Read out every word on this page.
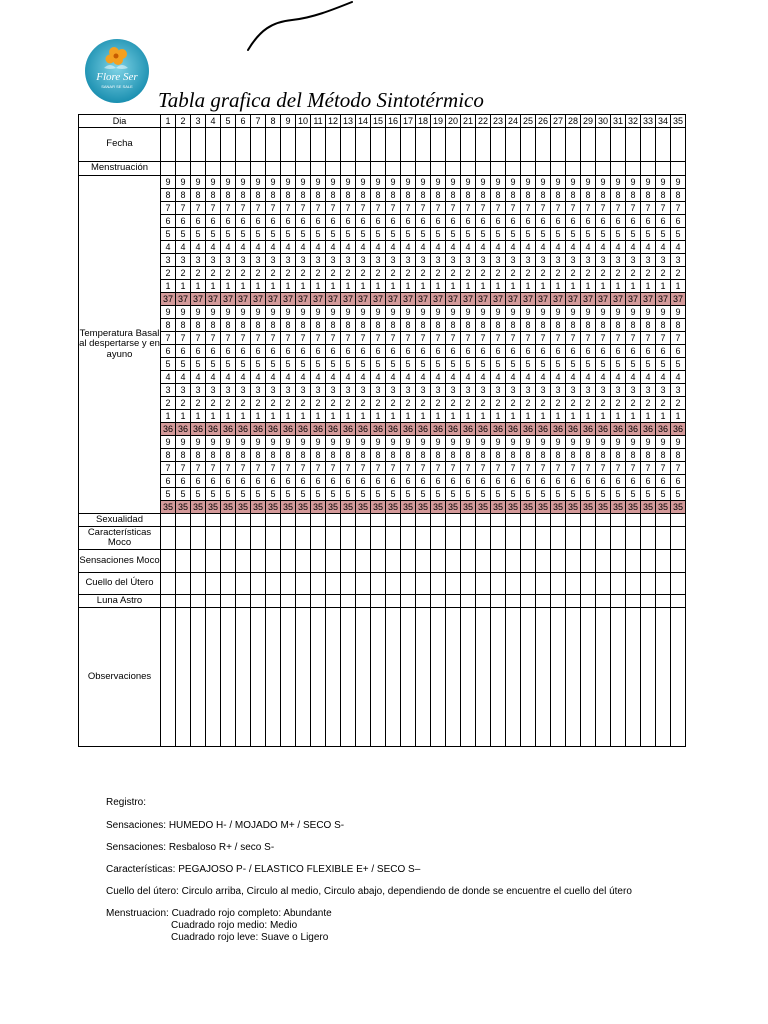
Flore Ser
SANAR SE SALE
Tabla grafica del Método Sintotérmico
Dia	1	2	3	4	5	6	7	8	9	10	11	12	13	14	15	16	17	18	19	20	21	22	23	24	25	26	27	28	29	30	31	32	33	34	35
Fecha																																			
Menstruación																																			
Temperatura Basal al despertarse y en ayuno	9	9	9	9	9	9	9	9	9	9	9	9	9	9	9	9	9	9	9	9	9	9	9	9	9	9	9	9	9	9	9	9	9	9	9
	8	8	8	8	8	8	8	8	8	8	8	8	8	8	8	8	8	8	8	8	8	8	8	8	8	8	8	8	8	8	8	8	8	8	8
	7	7	7	7	7	7	7	7	7	7	7	7	7	7	7	7	7	7	7	7	7	7	7	7	7	7	7	7	7	7	7	7	7	7	7
	6	6	6	6	6	6	6	6	6	6	6	6	6	6	6	6	6	6	6	6	6	6	6	6	6	6	6	6	6	6	6	6	6	6	6
	5	5	5	5	5	5	5	5	5	5	5	5	5	5	5	5	5	5	5	5	5	5	5	5	5	5	5	5	5	5	5	5	5	5	5
	4	4	4	4	4	4	4	4	4	4	4	4	4	4	4	4	4	4	4	4	4	4	4	4	4	4	4	4	4	4	4	4	4	4	4
	3	3	3	3	3	3	3	3	3	3	3	3	3	3	3	3	3	3	3	3	3	3	3	3	3	3	3	3	3	3	3	3	3	3	3
	2	2	2	2	2	2	2	2	2	2	2	2	2	2	2	2	2	2	2	2	2	2	2	2	2	2	2	2	2	2	2	2	2	2	2
	1	1	1	1	1	1	1	1	1	1	1	1	1	1	1	1	1	1	1	1	1	1	1	1	1	1	1	1	1	1	1	1	1	1	1
	37	37	37	37	37	37	37	37	37	37	37	37	37	37	37	37	37	37	37	37	37	37	37	37	37	37	37	37	37	37	37	37	37	37	37
	9	9	9	9	9	9	9	9	9	9	9	9	9	9	9	9	9	9	9	9	9	9	9	9	9	9	9	9	9	9	9	9	9	9	9
	8	8	8	8	8	8	8	8	8	8	8	8	8	8	8	8	8	8	8	8	8	8	8	8	8	8	8	8	8	8	8	8	8	8	8
	7	7	7	7	7	7	7	7	7	7	7	7	7	7	7	7	7	7	7	7	7	7	7	7	7	7	7	7	7	7	7	7	7	7	7
	6	6	6	6	6	6	6	6	6	6	6	6	6	6	6	6	6	6	6	6	6	6	6	6	6	6	6	6	6	6	6	6	6	6	6
	5	5	5	5	5	5	5	5	5	5	5	5	5	5	5	5	5	5	5	5	5	5	5	5	5	5	5	5	5	5	5	5	5	5	5
	4	4	4	4	4	4	4	4	4	4	4	4	4	4	4	4	4	4	4	4	4	4	4	4	4	4	4	4	4	4	4	4	4	4	4
	3	3	3	3	3	3	3	3	3	3	3	3	3	3	3	3	3	3	3	3	3	3	3	3	3	3	3	3	3	3	3	3	3	3	3
	2	2	2	2	2	2	2	2	2	2	2	2	2	2	2	2	2	2	2	2	2	2	2	2	2	2	2	2	2	2	2	2	2	2	2
	1	1	1	1	1	1	1	1	1	1	1	1	1	1	1	1	1	1	1	1	1	1	1	1	1	1	1	1	1	1	1	1	1	1	1
	36	36	36	36	36	36	36	36	36	36	36	36	36	36	36	36	36	36	36	36	36	36	36	36	36	36	36	36	36	36	36	36	36	36	36
	9	9	9	9	9	9	9	9	9	9	9	9	9	9	9	9	9	9	9	9	9	9	9	9	9	9	9	9	9	9	9	9	9	9	9
	8	8	8	8	8	8	8	8	8	8	8	8	8	8	8	8	8	8	8	8	8	8	8	8	8	8	8	8	8	8	8	8	8	8	8
	7	7	7	7	7	7	7	7	7	7	7	7	7	7	7	7	7	7	7	7	7	7	7	7	7	7	7	7	7	7	7	7	7	7	7
	6	6	6	6	6	6	6	6	6	6	6	6	6	6	6	6	6	6	6	6	6	6	6	6	6	6	6	6	6	6	6	6	6	6	6
	5	5	5	5	5	5	5	5	5	5	5	5	5	5	5	5	5	5	5	5	5	5	5	5	5	5	5	5	5	5	5	5	5	5	5
	35	35	35	35	35	35	35	35	35	35	35	35	35	35	35	35	35	35	35	35	35	35	35	35	35	35	35	35	35	35	35	35	35	35	35
Sexualidad																																			
Características Moco																																			
Sensaciones Moco																																			
Cuello del Útero																																			
Luna Astro																																			
Observaciones																																			
Registro:
Sensaciones: HUMEDO H- / MOJADO M+ / SECO S-
Sensaciones: Resbaloso R+ / seco S-
Características: PEGAJOSO P- / ELASTICO FLEXIBLE E+ / SECO S–
Cuello del útero: Circulo arriba, Circulo al medio, Circulo abajo, dependiendo de donde se encuentre el cuello del útero
Menstruacion: Cuadrado rojo completo: Abundante
Cuadrado rojo medio: Medio
Cuadrado rojo leve: Suave o Ligero
